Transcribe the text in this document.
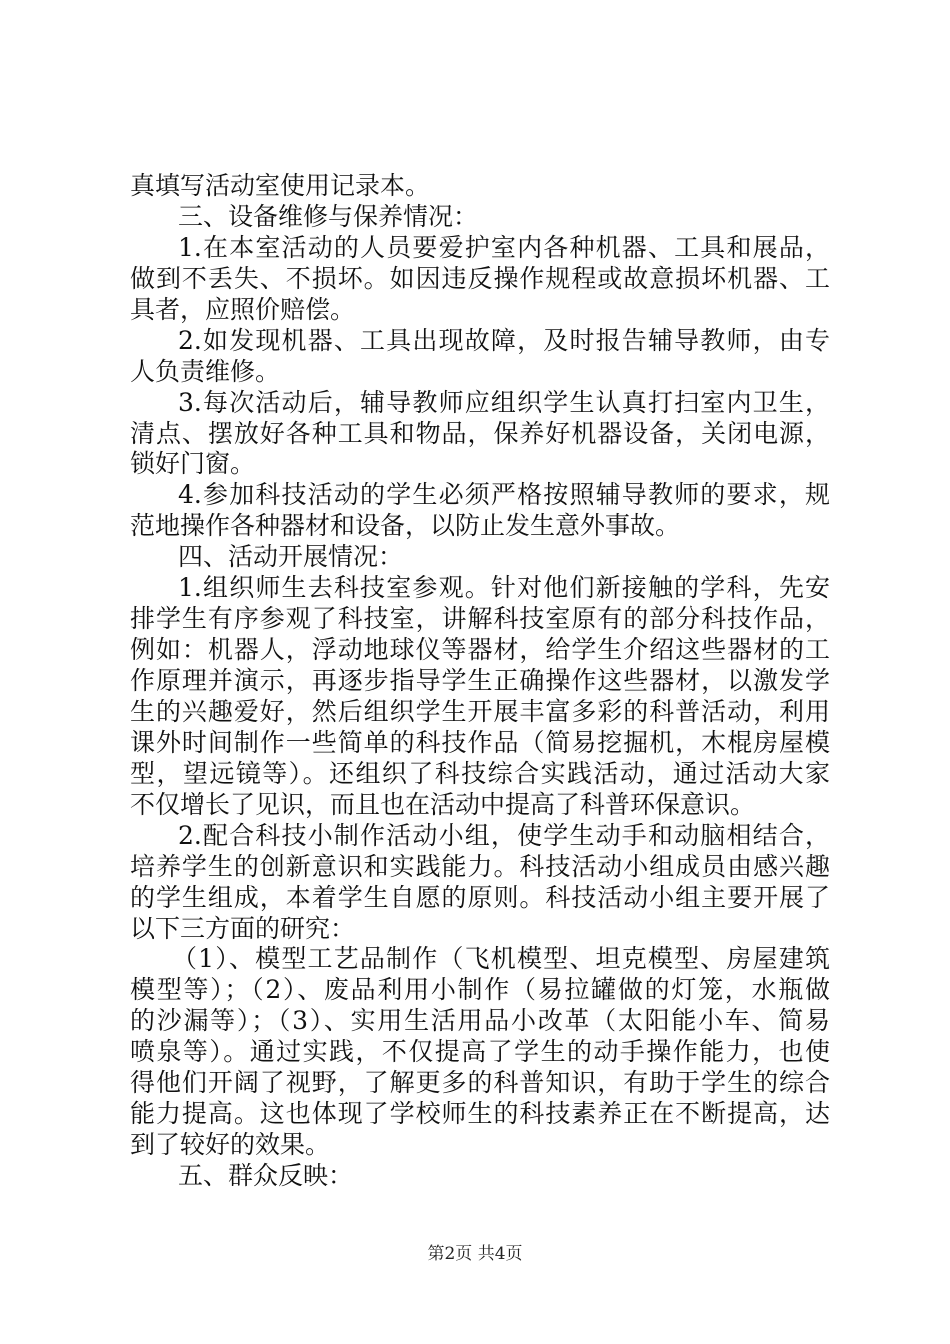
真填写活动室使用记录本。
三、设备维修与保养情况：
1.在本室活动的人员要爱护室内各种机器、工具和展品，
做到不丢失、不损坏。如因违反操作规程或故意损坏机器、工
具者，应照价赔偿。
2.如发现机器、工具出现故障，及时报告辅导教师，由专
人负责维修。
3.每次活动后，辅导教师应组织学生认真打扫室内卫生，
清点、摆放好各种工具和物品，保养好机器设备，关闭电源，
锁好门窗。
4.参加科技活动的学生必须严格按照辅导教师的要求，规
范地操作各种器材和设备，以防止发生意外事故。
四、活动开展情况：
1.组织师生去科技室参观。针对他们新接触的学科，先安
排学生有序参观了科技室，讲解科技室原有的部分科技作品，
例如：机器人，浮动地球仪等器材，给学生介绍这些器材的工
作原理并演示，再逐步指导学生正确操作这些器材，以激发学
生的兴趣爱好，然后组织学生开展丰富多彩的科普活动，利用
课外时间制作一些简单的科技作品（简易挖掘机，木棍房屋模
型，望远镜等）。还组织了科技综合实践活动，通过活动大家
不仅增长了见识，而且也在活动中提高了科普环保意识。
2.配合科技小制作活动小组，使学生动手和动脑相结合，
培养学生的创新意识和实践能力。科技活动小组成员由感兴趣
的学生组成，本着学生自愿的原则。科技活动小组主要开展了
以下三方面的研究：
（1）、模型工艺品制作（飞机模型、坦克模型、房屋建筑
模型等）；（2）、废品利用小制作（易拉罐做的灯笼，水瓶做
的沙漏等）；（3）、实用生活用品小改革（太阳能小车、简易
喷泉等）。通过实践，不仅提高了学生的动手操作能力，也使
得他们开阔了视野，了解更多的科普知识，有助于学生的综合
能力提高。这也体现了学校师生的科技素养正在不断提高，达
到了较好的效果。
五、群众反映：
第2页 共4页
